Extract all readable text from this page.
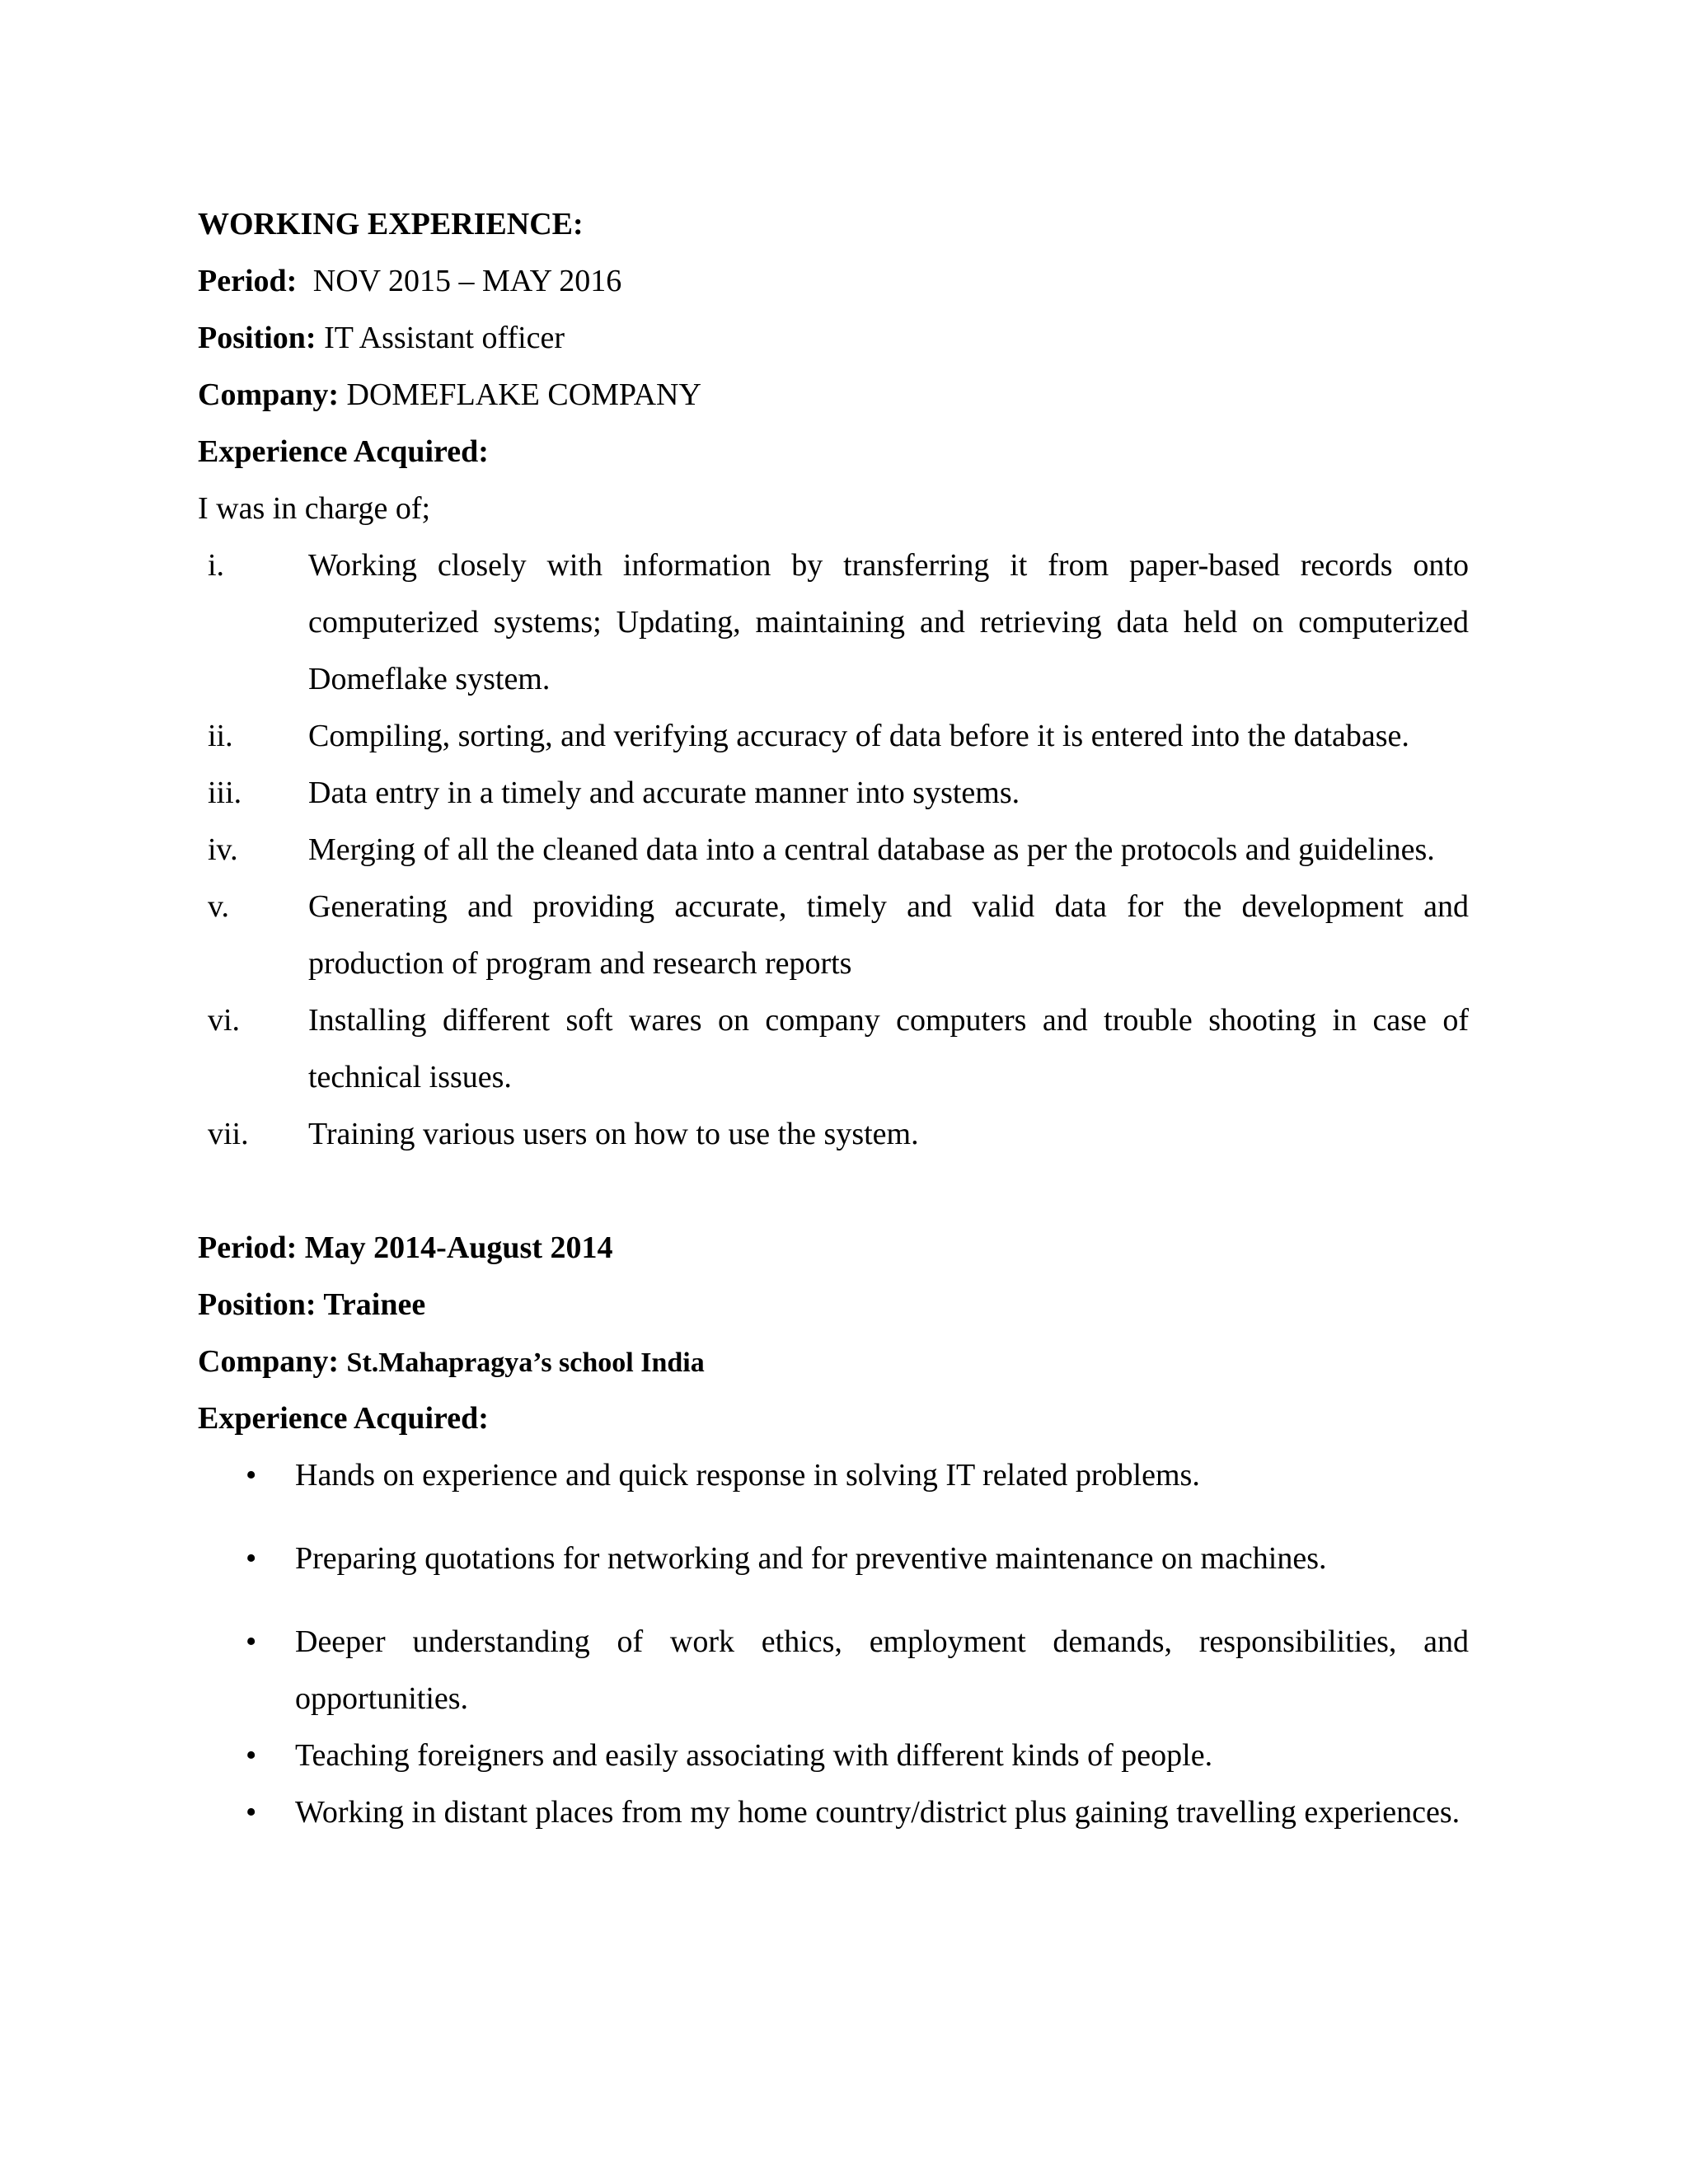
WORKING EXPERIENCE:
Period: NOV 2015 – MAY 2016
Position: IT Assistant officer
Company: DOMEFLAKE COMPANY
Experience Acquired:
I was in charge of;
i.	Working closely with information by transferring it from paper-based records onto computerized systems; Updating, maintaining and retrieving data held on computerized Domeflake system.
ii.	Compiling, sorting, and verifying accuracy of data before it is entered into the database.
iii.	Data entry in a timely and accurate manner into systems.
iv.	Merging of all the cleaned data into a central database as per the protocols and guidelines.
v.	Generating and providing accurate, timely and valid data for the development and production of program and research reports
vi.	Installing different soft wares on company computers and trouble shooting in case of technical issues.
vii.	Training various users on how to use the system.
Period: May 2014-August 2014
Position: Trainee
Company: St.Mahapragya’s school India
Experience Acquired:
•	Hands on experience and quick response in solving IT related problems.
•	Preparing quotations for networking and for preventive maintenance on machines.
•	Deeper understanding of work ethics, employment demands, responsibilities, and opportunities.
•	Teaching foreigners and easily associating with different kinds of people.
•	Working in distant places from my home country/district plus gaining travelling experiences.
